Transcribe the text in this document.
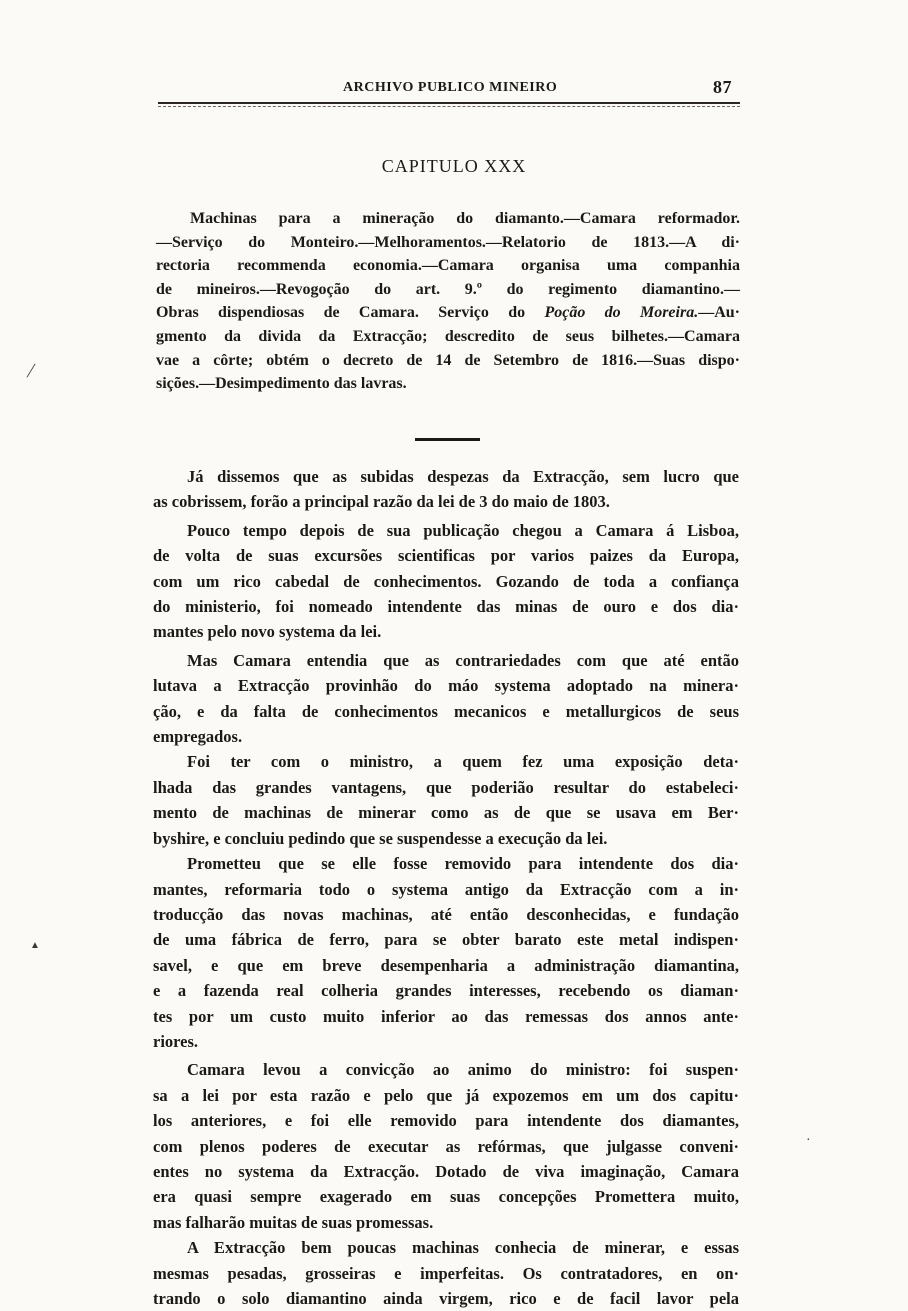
ARCHIVO PUBLICO MINEIRO	87
CAPITULO XXX
Machinas para a mineração do diamanto.—Camara reformador.
—Serviço do Monteiro.—Melhoramentos.—Relatorio de 1813.—A di·
rectoria recommenda economia.—Camara organisa uma companhia
de mineiros.—Revogoção do art. 9.º do regimento diamantino.—
Obras dispendiosas de Camara. Serviço do Poção do Moreira.—Au·
gmento da divida da Extracção; descredito de seus bilhetes.—Camara
vae a côrte; obtém o decreto de 14 de Setembro de 1816.—Suas dispo·
sições.—Desimpedimento das lavras.
Já dissemos que as subidas despezas da Extracção, sem lucro que
as cobrissem, forão a principal razão da lei de 3 do maio de 1803.
Pouco tempo depois de sua publicação chegou a Camara á Lisboa,
de volta de suas excursões scientificas por varios paizes da Europa,
com um rico cabedal de conhecimentos. Gozando de toda a confiança
do ministerio, foi nomeado intendente das minas de ouro e dos dia·
mantes pelo novo systema da lei.
Mas Camara entendia que as contrariedades com que até então
lutava a Extracção provinhão do máo systema adoptado na minera·
ção, e da falta de conhecimentos mecanicos e metallurgicos de seus
empregados.
Foi ter com o ministro, a quem fez uma exposição deta·
lhada das grandes vantagens, que poderião resultar do estabeleci·
mento de machinas de minerar como as de que se usava em Ber·
byshire, e concluiu pedindo que se suspendesse a execução da lei.
Prometteu que se elle fosse removido para intendente dos dia·
mantes, reformaria todo o systema antigo da Extracção com a in·
troducção das novas machinas, até então desconhecidas, e fundação
de uma fábrica de ferro, para se obter barato este metal indispen·
savel, e que em breve desempenharia a administração diamantina,
e a fazenda real colheria grandes interesses, recebendo os diaman·
tes por um custo muito inferior ao das remessas dos annos ante·
riores.
Camara levou a convicção ao animo do ministro: foi suspen·
sa a lei por esta razão e pelo que já expozemos em um dos capitu·
los anteriores, e foi elle removido para intendente dos diamantes,
com plenos poderes de executar as refórmas, que julgasse conveni·
entes no systema da Extracção. Dotado de viva imaginação, Camara
era quasi sempre exagerado em suas concepções Promettera muito,
mas falharão muitas de suas promessas.
A Extracção bem poucas machinas conhecia de minerar, e essas
mesmas pesadas, grosseiras e imperfeitas. Os contratadores, en on·
trando o solo diamantino ainda virgem, rico e de facil lavor pela
/
▲
·
